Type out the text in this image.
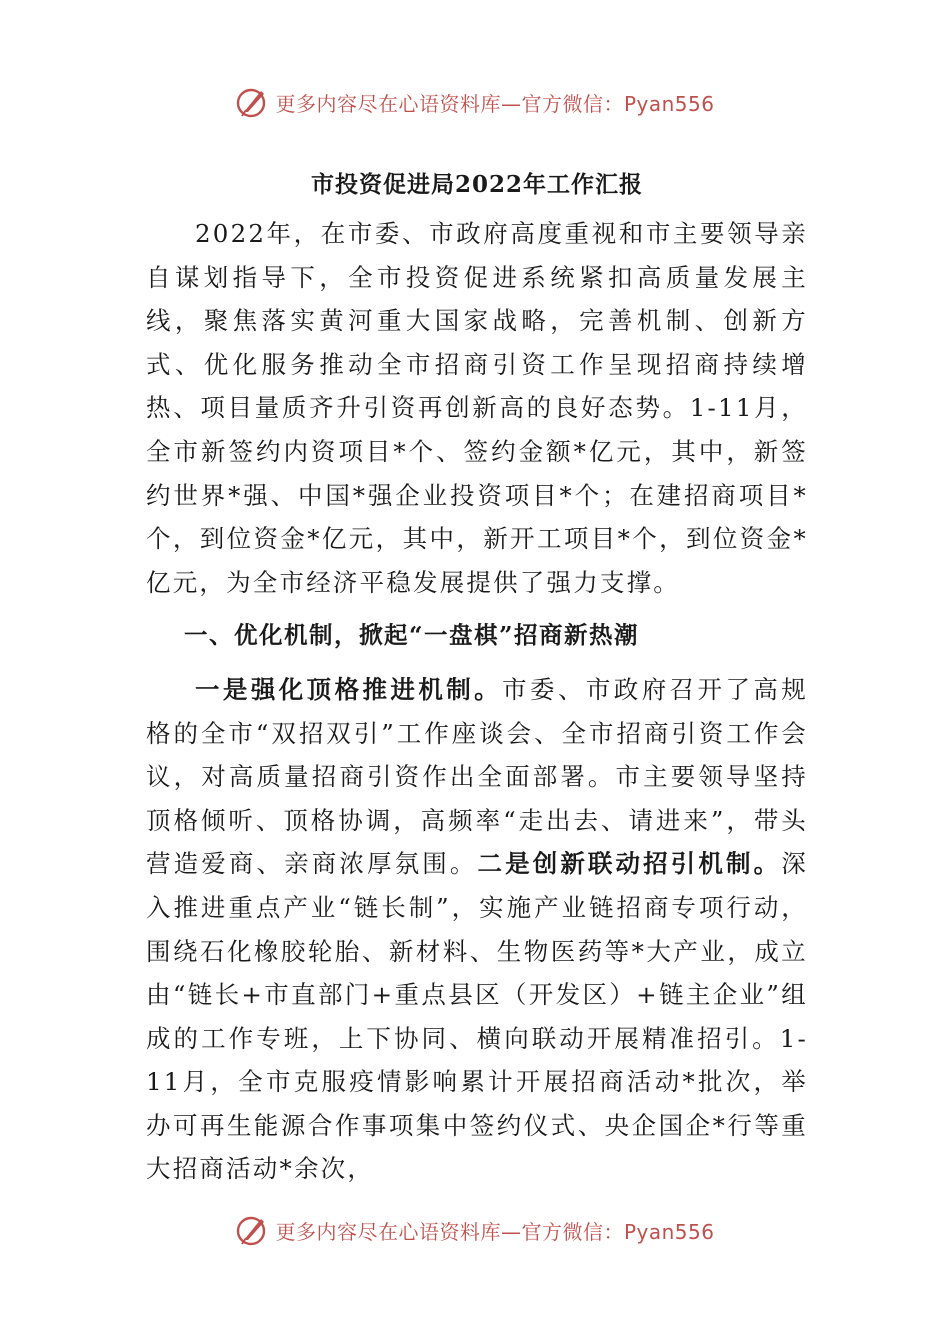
更多内容尽在心语资料库—官方微信：Pyan556
市投资促进局2022年工作汇报

2022年，在市委、市政府高度重视和市主要领导亲自谋划指导下，全市投资促进系统紧扣高质量发展主线，聚焦落实黄河重大国家战略，完善机制、创新方式、优化服务推动全市招商引资工作呈现招商持续增热、项目量质齐升引资再创新高的良好态势。1-11月，全市新签约内资项目*个、签约金额*亿元，其中，新签约世界*强、中国*强企业投资项目*个；在建招商项目*个，到位资金*亿元，其中，新开工项目*个，到位资金*亿元，为全市经济平稳发展提供了强力支撑。

一、优化机制，掀起“一盘棋”招商新热潮

一是强化顶格推进机制。市委、市政府召开了高规格的全市“双招双引”工作座谈会、全市招商引资工作会议，对高质量招商引资作出全面部署。市主要领导坚持顶格倾听、顶格协调，高频率“走出去、请进来”，带头营造爱商、亲商浓厚氛围。二是创新联动招引机制。深入推进重点产业“链长制”，实施产业链招商专项行动，围绕石化橡胶轮胎、新材料、生物医药等*大产业，成立由“链长+市直部门+重点县区（开发区）+链主企业”组成的工作专班，上下协同、横向联动开展精准招引。1-11月，全市克服疫情影响累计开展招商活动*批次，举办可再生能源合作事项集中签约仪式、央企国企*行等重大招商活动*余次，

更多内容尽在心语资料库—官方微信：Pyan556
